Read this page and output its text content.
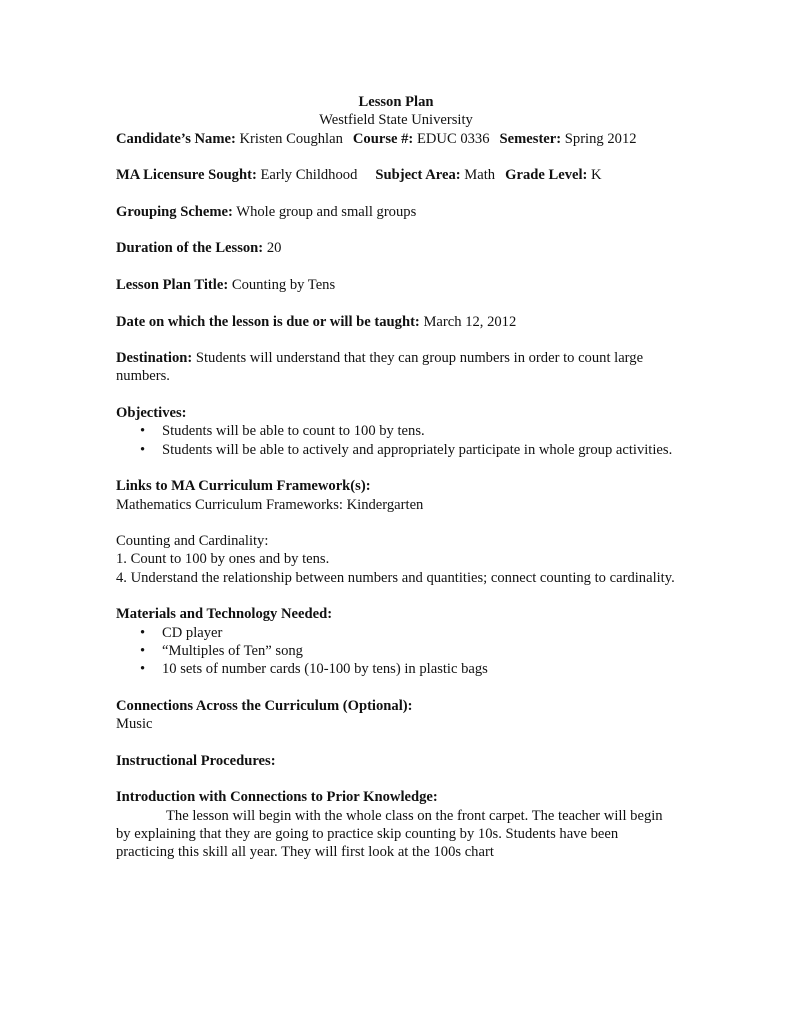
Lesson Plan

Westfield State University

Candidate’s Name: Kristen Coughlan Course #: EDUC 0336 Semester: Spring 2012

MA Licensure Sought: Early Childhood Subject Area: Math Grade Level: K

Grouping Scheme: Whole group and small groups

Duration of the Lesson: 20

Lesson Plan Title: Counting by Tens

Date on which the lesson is due or will be taught: March 12, 2012

Destination: Students will understand that they can group numbers in order to count large numbers.

Objectives:

• Students will be able to count to 100 by tens.
• Students will be able to actively and appropriately participate in whole group activities.

Links to MA Curriculum Framework(s):

Mathematics Curriculum Frameworks: Kindergarten

Counting and Cardinality:

1. Count to 100 by ones and by tens.

4. Understand the relationship between numbers and quantities; connect counting to cardinality.

Materials and Technology Needed:

• CD player
• “Multiples of Ten” song
• 10 sets of number cards (10-100 by tens) in plastic bags

Connections Across the Curriculum (Optional):

Music

Instructional Procedures:

Introduction with Connections to Prior Knowledge:

The lesson will begin with the whole class on the front carpet. The teacher will begin by explaining that they are going to practice skip counting by 10s. Students have been practicing this skill all year. They will first look at the 100s chart
